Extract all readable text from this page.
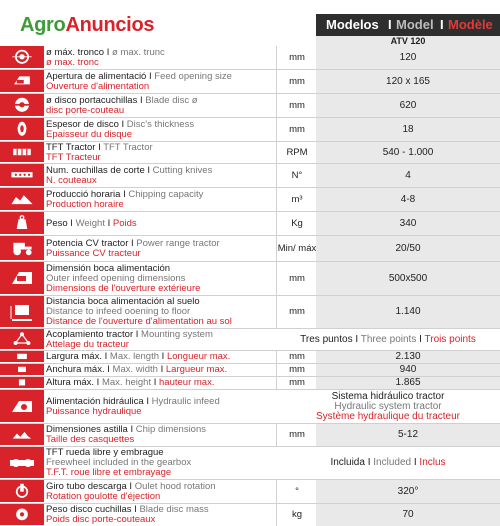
AgroAnuncios	Modelos I Model I Modèle
ATV 120
ø máx. tronco I ø max. trunc
ø max. tronc	mm	120
Apertura de alimentació I Feed opening size
Ouverture d'alimentation	mm	120 x 165
ø disco portacuchillas I Blade disc ø
disc porte-couteau	mm	620
Espesor de disco I Disc's thickness
Epaisseur du disque	mm	18
TFT Tractor I TFT Tractor
TFT Tracteur	RPM	540 - 1.000
Num. cuchillas de corte I Cutting knives
N. couteaux	N°	4
Producció horaria I Chipping capacity
Production horaire	m³	4-8
Peso I Weight I Poids	Kg	340
Potencia CV tractor I Power range tractor
Puissance CV tracteur	Min/ máx	20/50
Dimensión boca alimentación
Outer infeed opening dimensions
Dimensions de l'ouverture extérieure
mm	500x500
Distancia boca alimentación al suelo
Distance to infeed ooening to floor
Distance de l'ouverture d'alimentation au sol
mm	1.140
Acoplamiento tractor I Mounting system
Attelage du tracteur	Tres puntos I Three points I Trois points
Largura máx. I Max. length I Longueur max.	mm	2.130
Anchura máx. I Max. width I Largueur max.	mm	940
Altura máx. I Max. height I hauteur max.	mm	1.865
Alimentación hidráulica I Hydraulic infeed
Puissance hydraulique
Sistema hidráulico tractor
Hydraulic system tractor
Système hydraulique du tracteur
Dimensiones astilla I Chip dimensions
Taille des casquettes	mm	5-12
TFT rueda libre y embrague
Freewheel included in the gearbox
T.F.T. roue libre et embrayage
Incluida I Included I Inclus
Giro tubo descarga I Oulet hood rotation
Rotation goulotte d'éjection	°	320°
Peso disco cuchillas I Blade disc mass
Poids disc porte-couteaux	kg	70
